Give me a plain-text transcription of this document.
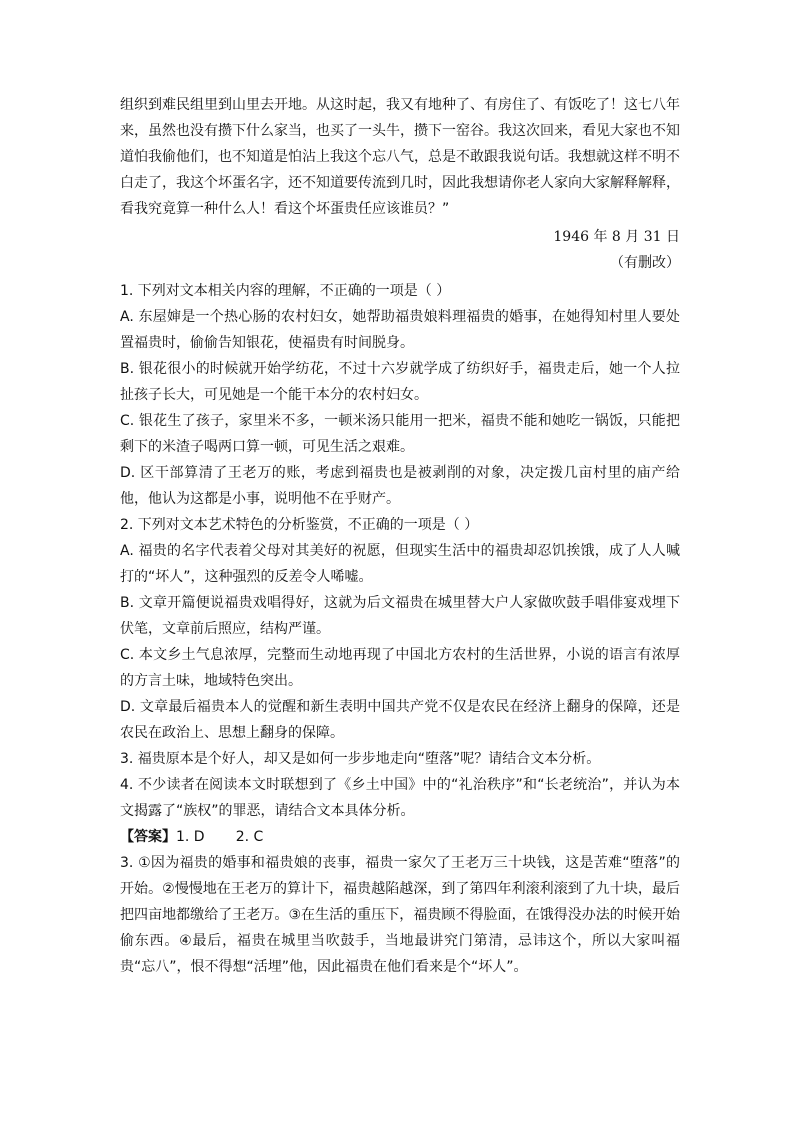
组织到难民组里到山里去开地。从这时起，我又有地种了、有房住了、有饭吃了！这七八年来，虽然也没有攒下什么家当，也买了一头牛，攒下一窑谷。我这次回来，看见大家也不知道怕我偷他们，也不知道是怕沾上我这个忘八气，总是不敢跟我说句话。我想就这样不明不白走了，我这个坏蛋名字，还不知道要传流到几时，因此我想请你老人家向大家解释解释，看我究竟算一种什么人！看这个坏蛋贵任应该谁员？”

1946 年 8 月 31 日

（有删改）

1. 下列对文本相关内容的理解，不正确的一项是（ ）

A. 东屋婶是一个热心肠的农村妇女，她帮助福贵娘料理福贵的婚事，在她得知村里人要处置福贵时，偷偷告知银花，使福贵有时间脱身。

B. 银花很小的时候就开始学纺花，不过十六岁就学成了纺织好手，福贵走后，她一个人拉扯孩子长大，可见她是一个能干本分的农村妇女。

C. 银花生了孩子，家里米不多，一顿米汤只能用一把米，福贵不能和她吃一锅饭，只能把剩下的米渣子喝两口算一顿，可见生活之艰难。

D. 区干部算清了王老万的账，考虑到福贵也是被剥削的对象，决定拨几亩村里的庙产给他，他认为这都是小事，说明他不在乎财产。

2. 下列对文本艺术特色的分析鉴赏，不正确的一项是（ ）

A. 福贵的名字代表着父母对其美好的祝愿，但现实生活中的福贵却忍饥挨饿，成了人人喊打的“坏人”，这种强烈的反差令人唏嘘。

B. 文章开篇便说福贵戏唱得好，这就为后文福贵在城里替大户人家做吹鼓手唱俳宴戏埋下伏笔，文章前后照应，结构严谨。

C. 本文乡土气息浓厚，完整而生动地再现了中国北方农村的生活世界，小说的语言有浓厚的方言土味，地域特色突出。

D. 文章最后福贵本人的觉醒和新生表明中国共产党不仅是农民在经济上翻身的保障，还是农民在政治上、思想上翻身的保障。

3. 福贵原本是个好人，却又是如何一步步地走向“堕落”呢？请结合文本分析。

4. 不少读者在阅读本文时联想到了《乡土中国》中的“礼治秩序”和“长老统治”，并认为本文揭露了“族权”的罪恶，请结合文本具体分析。

【答案】1. D       2. C

3. ①因为福贵的婚事和福贵娘的丧事，福贵一家欠了王老万三十块钱，这是苦难“堕落”的开始。②慢慢地在王老万的算计下，福贵越陷越深，到了第四年利滚利滚到了九十块，最后把四亩地都缴给了王老万。③在生活的重压下，福贵顾不得脸面，在饿得没办法的时候开始偷东西。④最后，福贵在城里当吹鼓手，当地最讲究门第清，忌讳这个，所以大家叫福贵“忘八”，恨不得想“活埋”他，因此福贵在他们看来是个“坏人”。
